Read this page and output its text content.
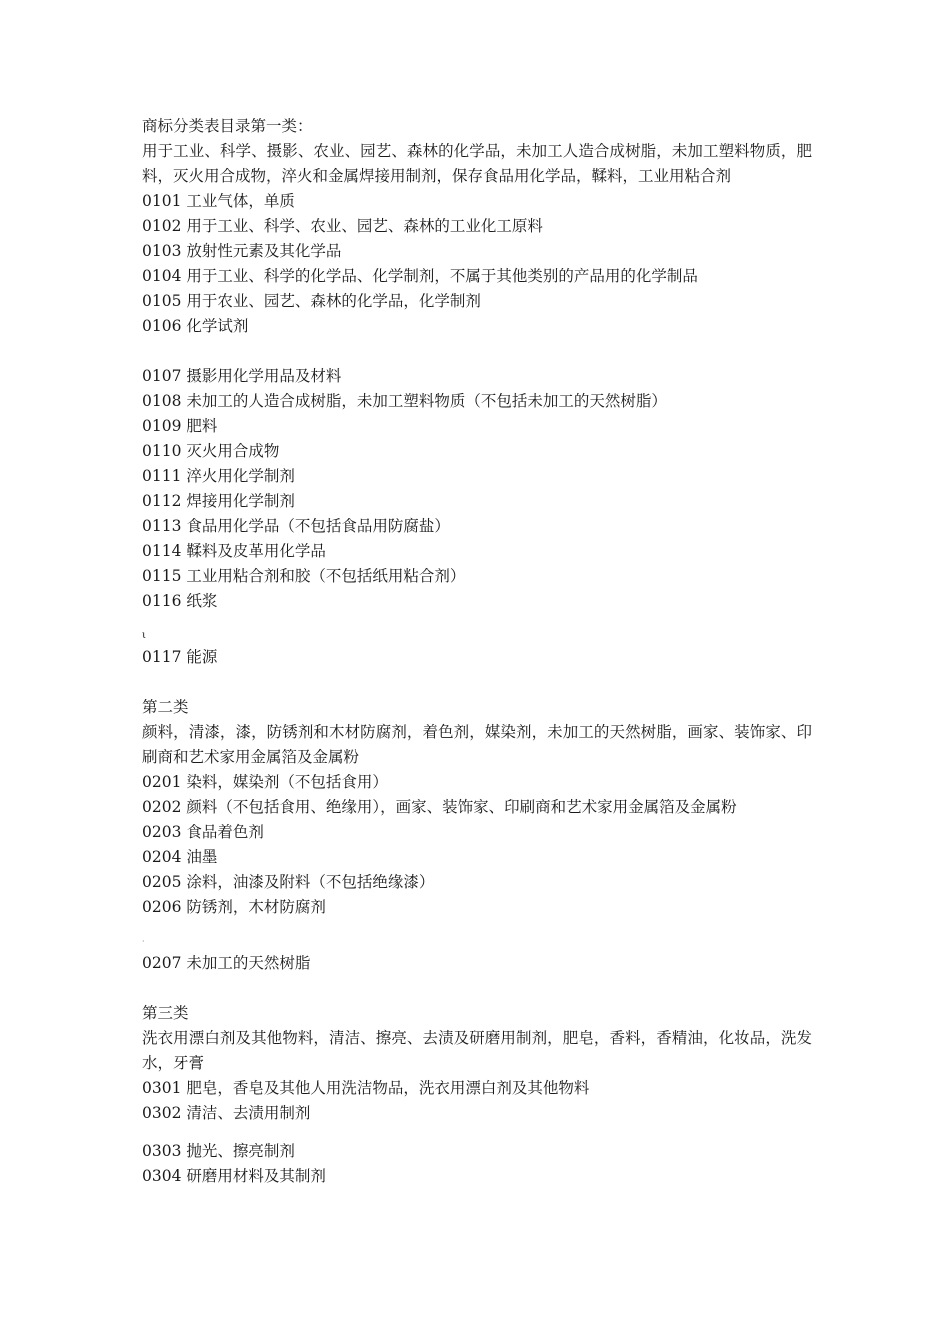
商标分类表目录第一类：
用于工业、科学、摄影、农业、园艺、森林的化学品，未加工人造合成树脂，未加工塑料物质，肥料，灭火用合成物，淬火和金属焊接用制剂，保存食品用化学品，鞣料，工业用粘合剂
0101 工业气体，单质
0102 用于工业、科学、农业、园艺、森林的工业化工原料
0103 放射性元素及其化学品
0104 用于工业、科学的化学品、化学制剂，不属于其他类别的产品用的化学制品
0105 用于农业、园艺、森林的化学品，化学制剂
0106 化学试剂
0107 摄影用化学用品及材料
0108 未加工的人造合成树脂，未加工塑料物质（不包括未加工的天然树脂）
0109 肥料
0110 灭火用合成物
0111 淬火用化学制剂
0112 焊接用化学制剂
0113 食品用化学品（不包括食品用防腐盐）
0114 鞣料及皮革用化学品
0115 工业用粘合剂和胶（不包括纸用粘合剂）
0116 纸浆
ι
0117 能源
第二类
颜料，清漆，漆，防锈剂和木材防腐剂，着色剂，媒染剂，未加工的天然树脂，画家、装饰家、印刷商和艺术家用金属箔及金属粉
0201 染料，媒染剂（不包括食用）
0202 颜料（不包括食用、绝缘用），画家、装饰家、印刷商和艺术家用金属箔及金属粉
0203 食品着色剂
0204 油墨
0205 涂料，油漆及附料（不包括绝缘漆）
0206 防锈剂，木材防腐剂
·
0207 未加工的天然树脂
第三类
洗衣用漂白剂及其他物料，清洁、擦亮、去渍及研磨用制剂，肥皂，香料，香精油，化妆品，洗发水，牙膏
0301 肥皂，香皂及其他人用洗洁物品，洗衣用漂白剂及其他物料
0302 清洁、去渍用制剂
0303 抛光、擦亮制剂
0304 研磨用材料及其制剂
